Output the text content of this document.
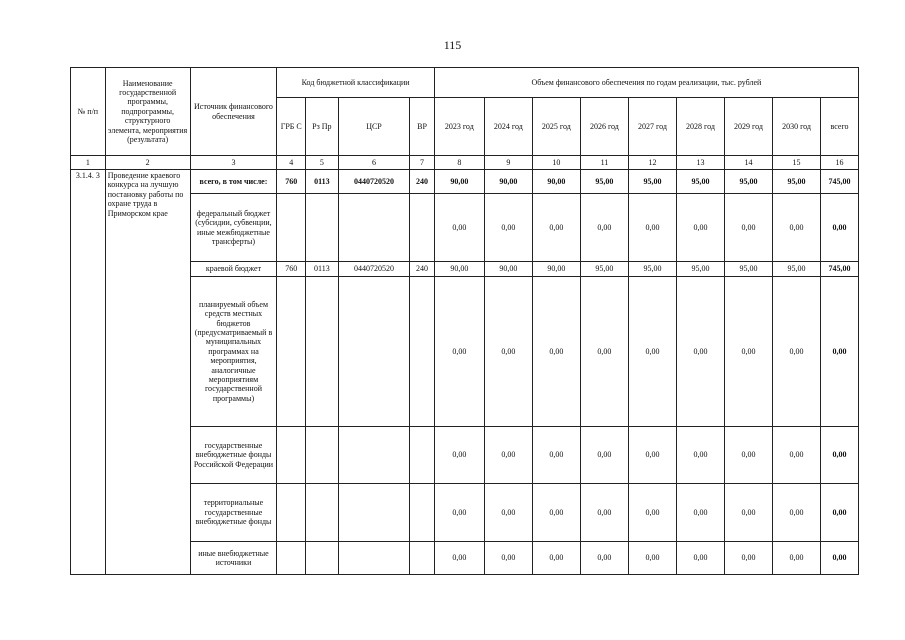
115
№ п/п	Наименование государственной программы, подпрограммы, структурного элемента, мероприятия (результата)	Источник финансового обеспечения	Код бюджетной классификации				Объем финансового обеспечения по годам реализации, тыс. рублей								
			ГРБ С	Рз Пр	ЦСР	ВР	2023 год	2024 год	2025 год	2026 год	2027 год	2028 год	2029 год	2030 год	всего
1	2	3	4	5	6	7	8	9	10	11	12	13	14	15	16
3.1.4. 3	Проведение краевого конкурса на лучшую постановку работы по охране труда в Приморском крае	всего, в том числе:	760	0113	0440720520	240	90,00	90,00	90,00	95,00	95,00	95,00	95,00	95,00	745,00
		федеральный бюджет (субсидии, субвенции, иные межбюджетные трансферты)					0,00	0,00	0,00	0,00	0,00	0,00	0,00	0,00	0,00
		краевой бюджет	760	0113	0440720520	240	90,00	90,00	90,00	95,00	95,00	95,00	95,00	95,00	745,00
		планируемый объем средств местных бюджетов (предусматриваемый в муниципальных программах на мероприятия, аналогичные мероприятиям государственной программы)					0,00	0,00	0,00	0,00	0,00	0,00	0,00	0,00	0,00
		государственные внебюджетные фонды Российской Федерации					0,00	0,00	0,00	0,00	0,00	0,00	0,00	0,00	0,00
		территориальные государственные внебюджетные фонды					0,00	0,00	0,00	0,00	0,00	0,00	0,00	0,00	0,00
		иные внебюджетные источники					0,00	0,00	0,00	0,00	0,00	0,00	0,00	0,00	0,00
